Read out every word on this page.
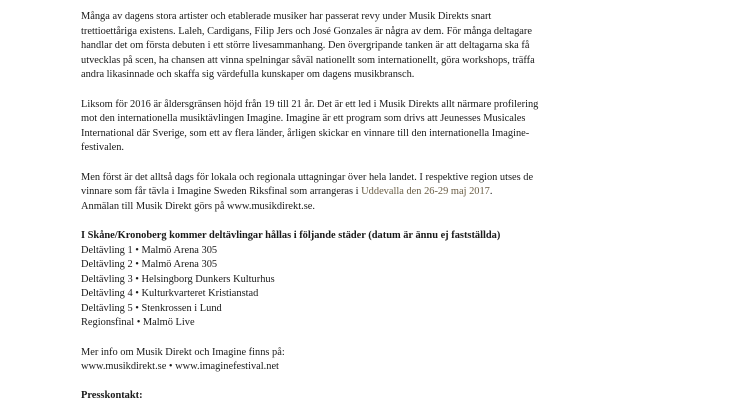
Många av dagens stora artister och etablerade musiker har passerat revy under Musik Direkts snart
trettioettåriga existens. Laleh, Cardigans, Filip Jers och José Gonzales är några av dem. För många deltagare
handlar det om första debuten i ett större livesammanhang. Den övergripande tanken är att deltagarna ska få
utvecklas på scen, ha chansen att vinna spelningar såväl nationellt som internationellt, göra workshops, träffa
andra likasinnade och skaffa sig värdefulla kunskaper om dagens musikbransch.
Liksom för 2016 är åldersgränsen höjd från 19 till 21 år. Det är ett led i Musik Direkts allt närmare profilering
mot den internationella musiktävlingen Imagine. Imagine är ett program som drivs att Jeunesses Musicales
International där Sverige, som ett av flera länder, årligen skickar en vinnare till den internationella Imagine-
festivalen.
Men först är det alltså dags för lokala och regionala uttagningar över hela landet. I respektive region utses de
vinnare som får tävla i Imagine Sweden Riksfinal som arrangeras i Uddevalla den 26-29 maj 2017.
Anmälan till Musik Direkt görs på www.musikdirekt.se.
I Skåne/Kronoberg kommer deltävlingar hållas i följande städer (datum är ännu ej fastställda)
Deltävling 1 • Malmö Arena 305
Deltävling 2 • Malmö Arena 305
Deltävling 3 • Helsingborg Dunkers Kulturhus
Deltävling 4 • Kulturkvarteret Kristianstad
Deltävling 5 • Stenkrossen i Lund
Regionsfinal • Malmö Live
Mer info om Musik Direkt och Imagine finns på:
www.musikdirekt.se • www.imaginefestival.net
Presskontakt:
